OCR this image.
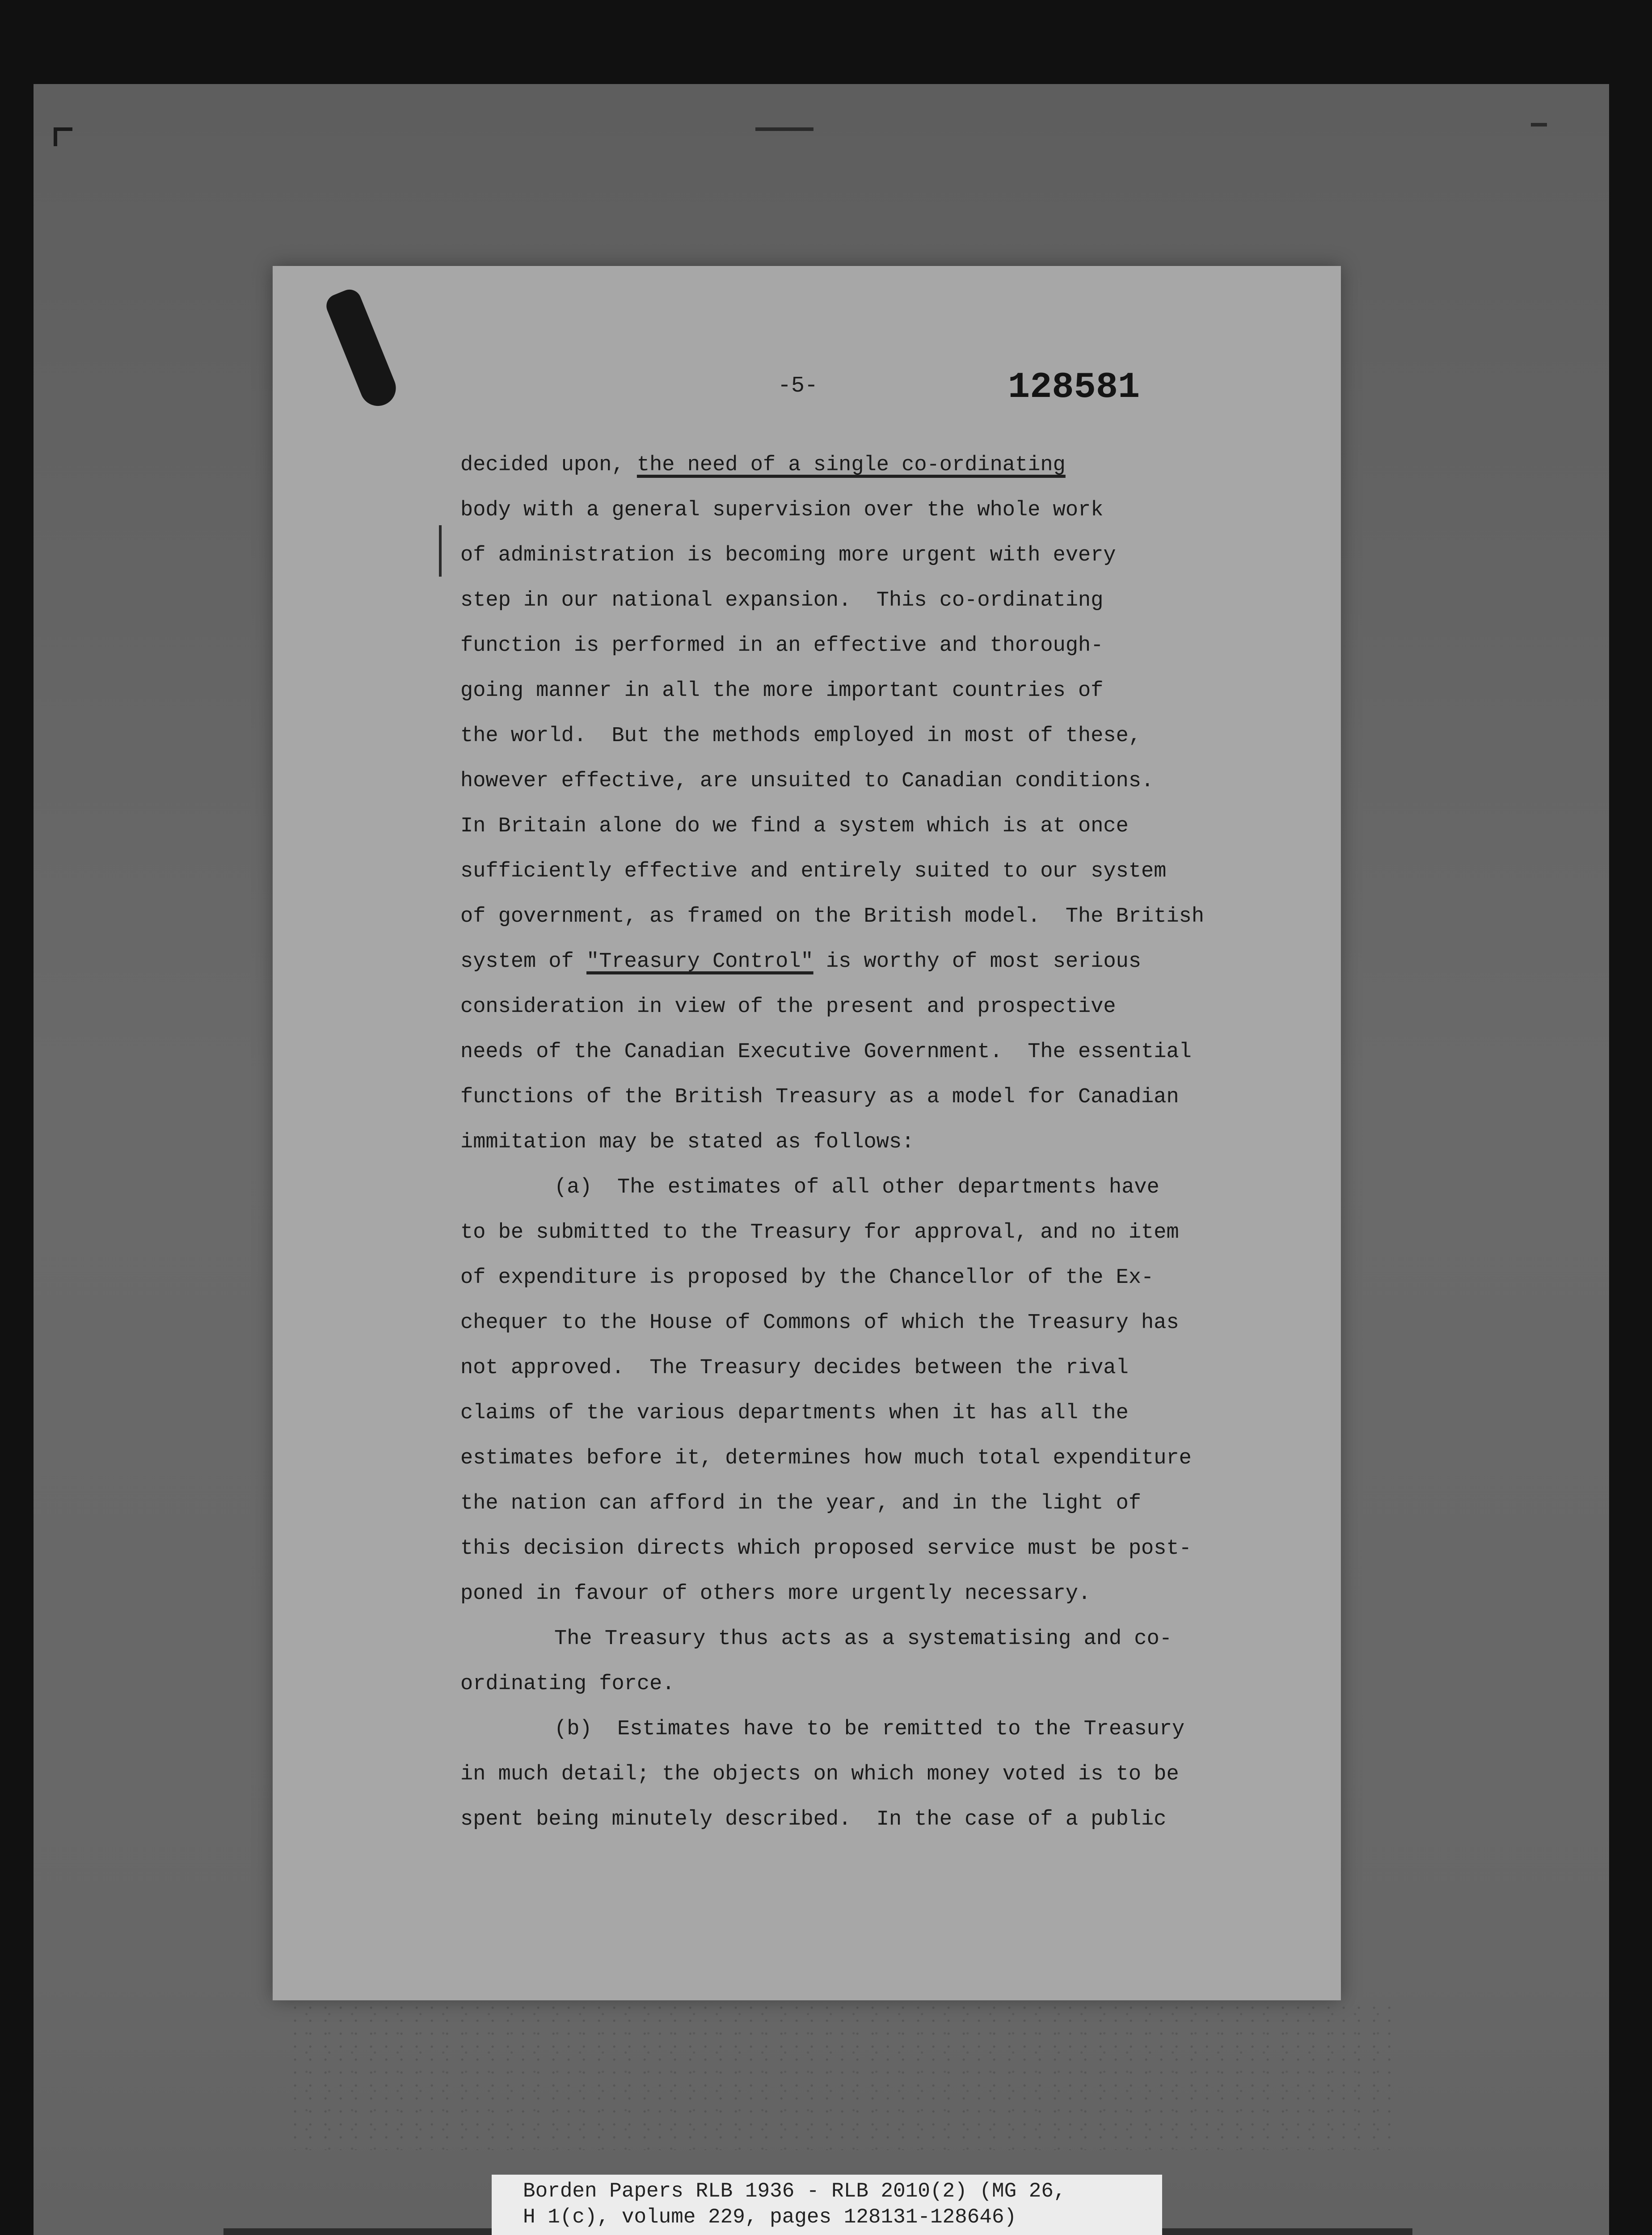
-5-	128581
decided upon, the need of a single co-ordinating
body with a general supervision over the whole work
of administration is becoming more urgent with every
step in our national expansion.  This co-ordinating
function is performed in an effective and thorough-
going manner in all the more important countries of
the world.  But the methods employed in most of these,
however effective, are unsuited to Canadian conditions.
In Britain alone do we find a system which is at once
sufficiently effective and entirely suited to our system
of government, as framed on the British model.  The British
system of "Treasury Control" is worthy of most serious
consideration in view of the present and prospective
needs of the Canadian Executive Government.  The essential
functions of the British Treasury as a model for Canadian
immitation may be stated as follows:
(a)  The estimates of all other departments have
to be submitted to the Treasury for approval, and no item
of expenditure is proposed by the Chancellor of the Ex-
chequer to the House of Commons of which the Treasury has
not approved.  The Treasury decides between the rival
claims of the various departments when it has all the
estimates before it, determines how much total expenditure
the nation can afford in the year, and in the light of
this decision directs which proposed service must be post-
poned in favour of others more urgently necessary.
The Treasury thus acts as a systematising and co-
ordinating force.
(b)  Estimates have to be remitted to the Treasury
in much detail; the objects on which money voted is to be
spent being minutely described.  In the case of a public
Borden Papers RLB 1936 - RLB 2010(2) (MG 26,
H 1(c), volume 229, pages 128131-128646)
